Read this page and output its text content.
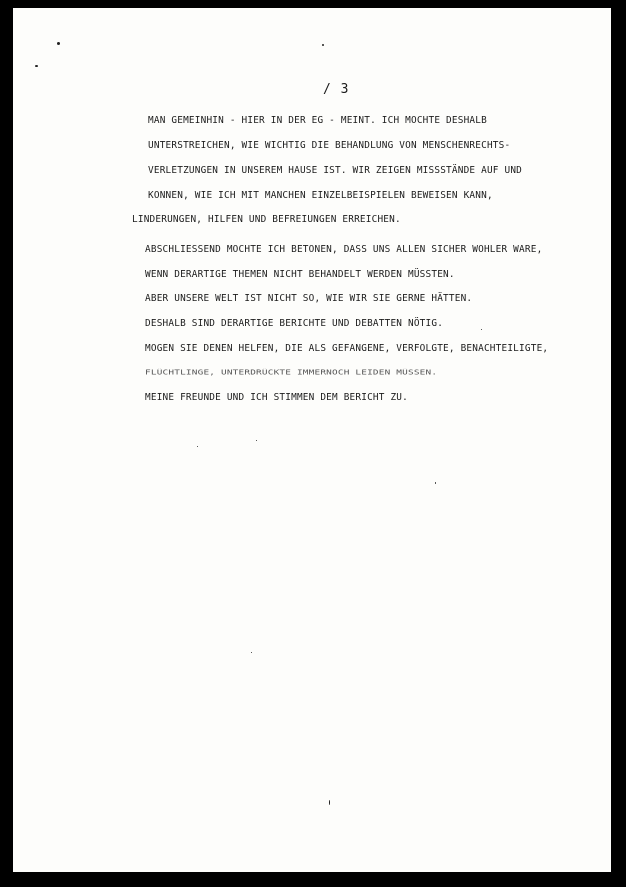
/ 3
MAN GEMEINHIN - HIER IN DER EG - MEINT. ICH MOCHTE DESHALB
UNTERSTREICHEN, WIE WICHTIG DIE BEHANDLUNG VON MENSCHENRECHTS-
VERLETZUNGEN IN UNSEREM HAUSE IST. WIR ZEIGEN MISSSTÄNDE AUF UND
KONNEN, WIE ICH MIT MANCHEN EINZELBEISPIELEN BEWEISEN KANN,
LINDERUNGEN, HILFEN UND BEFREIUNGEN ERREICHEN.
ABSCHLIESSEND MOCHTE ICH BETONEN, DASS UNS ALLEN SICHER WOHLER WARE,
WENN DERARTIGE THEMEN NICHT BEHANDELT WERDEN MÜSSTEN.
ABER UNSERE WELT IST NICHT SO, WIE WIR SIE GERNE HÄTTEN.
DESHALB SIND DERARTIGE BERICHTE UND DEBATTEN NÖTIG.
MOGEN SIE DENEN HELFEN, DIE ALS GEFANGENE, VERFOLGTE, BENACHTEILIGTE,
FLÜCHTLINGE, UNTERDRÜCKTE IMMERNOCH LEIDEN MÜSSEN.
MEINE FREUNDE UND ICH STIMMEN DEM BERICHT ZU.
